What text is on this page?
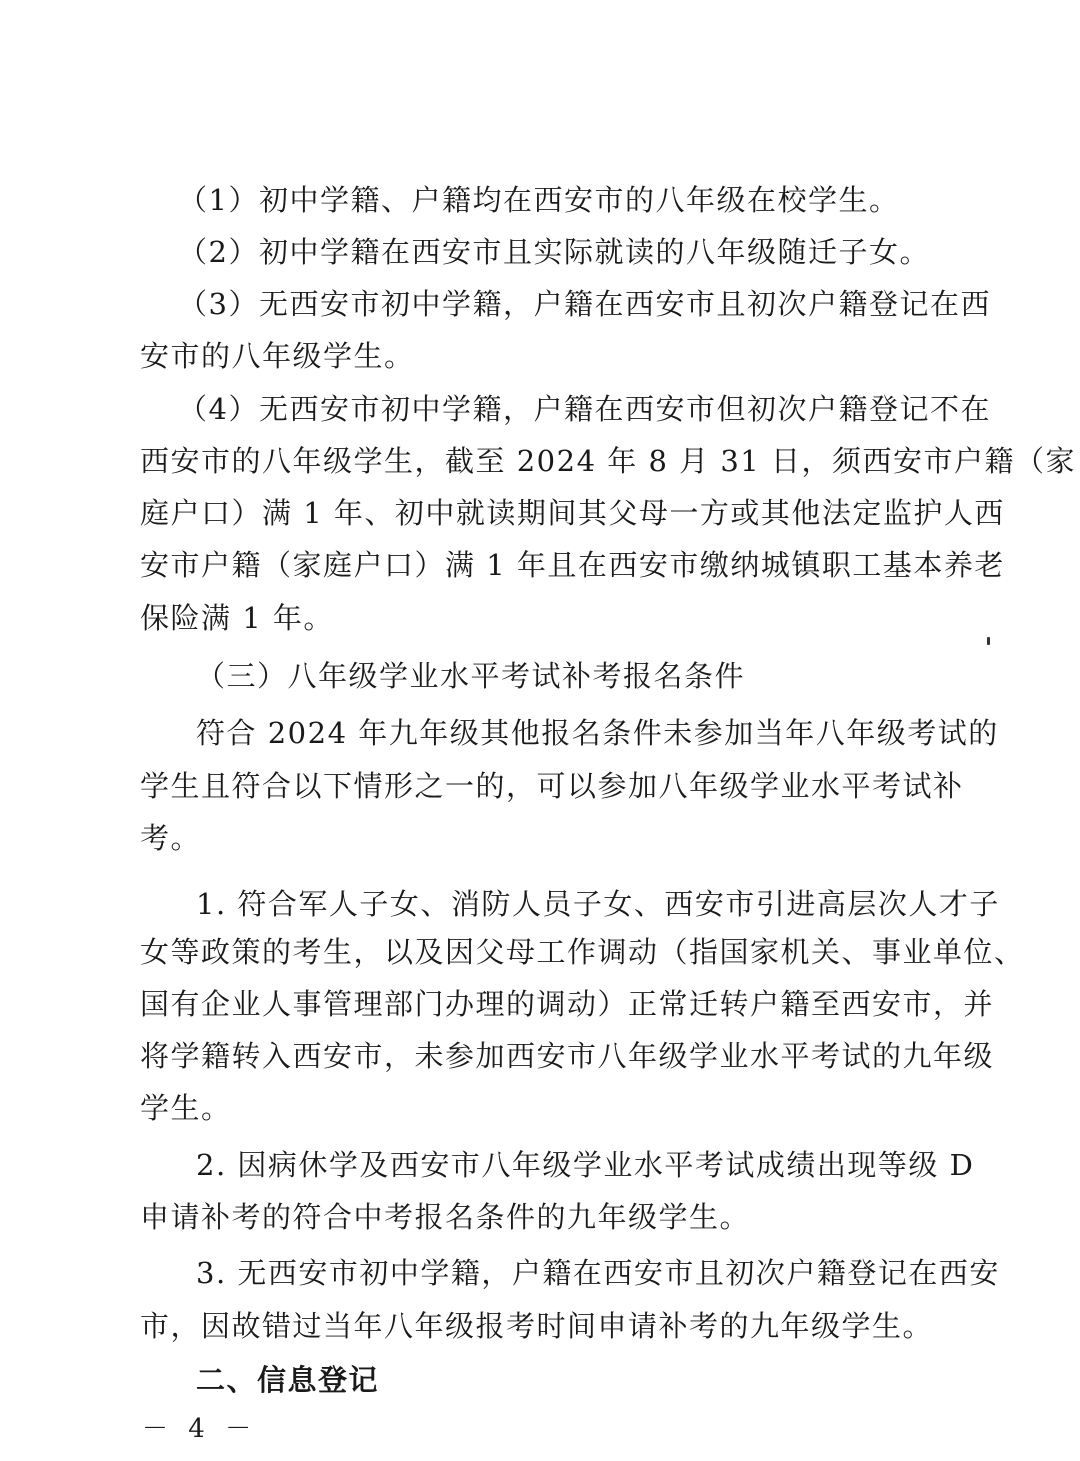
（1）初中学籍、户籍均在西安市的八年级在校学生。
（2）初中学籍在西安市且实际就读的八年级随迁子女。
（3）无西安市初中学籍，户籍在西安市且初次户籍登记在西
安市的八年级学生。
（4）无西安市初中学籍，户籍在西安市但初次户籍登记不在
西安市的八年级学生，截至 2024 年 8 月 31 日，须西安市户籍（家
庭户口）满 1 年、初中就读期间其父母一方或其他法定监护人西
安市户籍（家庭户口）满 1 年且在西安市缴纳城镇职工基本养老
保险满 1 年。
（三）八年级学业水平考试补考报名条件
符合 2024 年九年级其他报名条件未参加当年八年级考试的
学生且符合以下情形之一的，可以参加八年级学业水平考试补
考。
1. 符合军人子女、消防人员子女、西安市引进高层次人才子
女等政策的考生，以及因父母工作调动（指国家机关、事业单位、
国有企业人事管理部门办理的调动）正常迁转户籍至西安市，并
将学籍转入西安市，未参加西安市八年级学业水平考试的九年级
学生。
2. 因病休学及西安市八年级学业水平考试成绩出现等级 D
申请补考的符合中考报名条件的九年级学生。
3. 无西安市初中学籍，户籍在西安市且初次户籍登记在西安
市，因故错过当年八年级报考时间申请补考的九年级学生。
二、信息登记
－ 4 －
